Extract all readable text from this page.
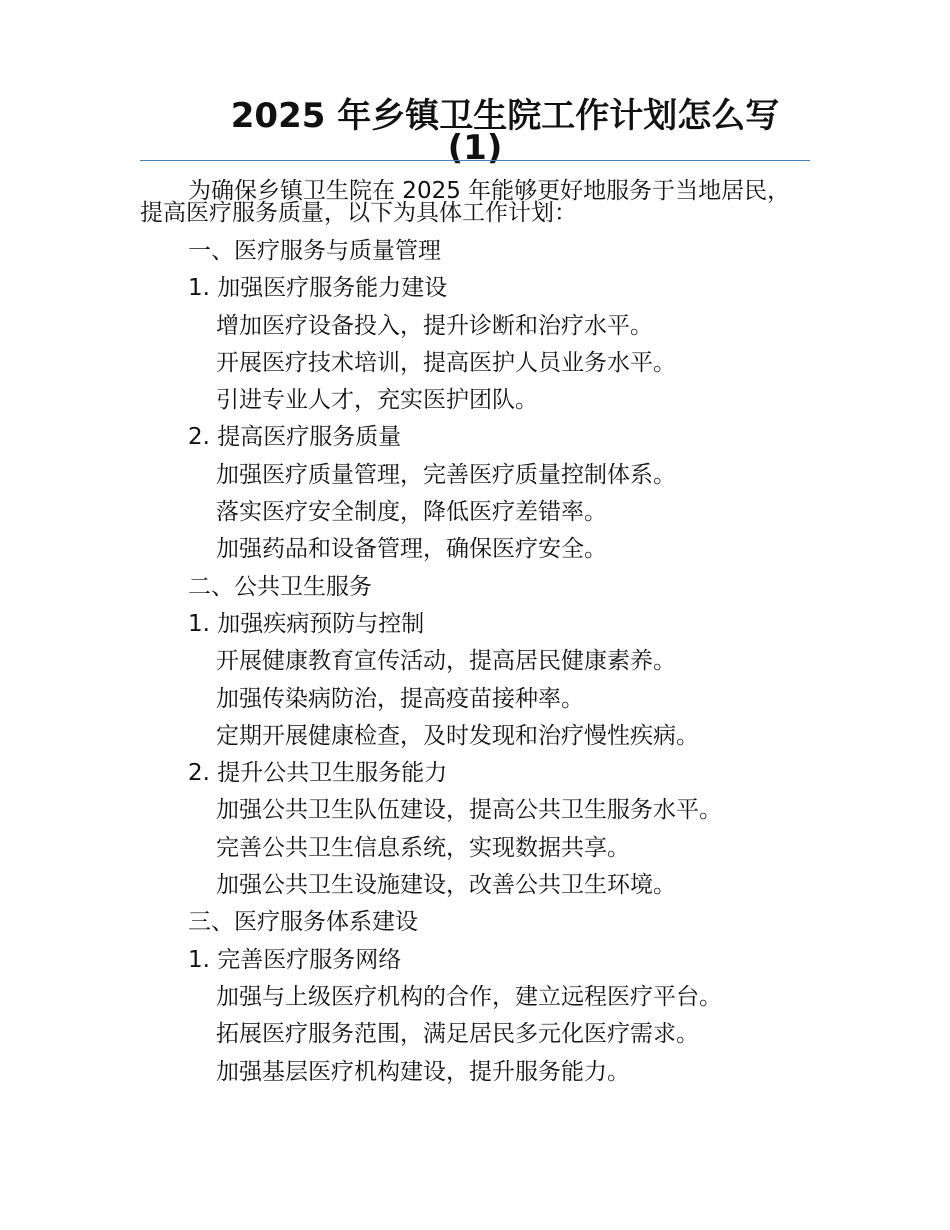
2025 年乡镇卫生院工作计划怎么写
(1)

为确保乡镇卫生院在 2025 年能够更好地服务于当地居民，提高医疗服务质量，以下为具体工作计划：

一、医疗服务与质量管理
1. 加强医疗服务能力建设
增加医疗设备投入，提升诊断和治疗水平。
开展医疗技术培训，提高医护人员业务水平。
引进专业人才，充实医护团队。
2. 提高医疗服务质量
加强医疗质量管理，完善医疗质量控制体系。
落实医疗安全制度，降低医疗差错率。
加强药品和设备管理，确保医疗安全。
二、公共卫生服务
1. 加强疾病预防与控制
开展健康教育宣传活动，提高居民健康素养。
加强传染病防治，提高疫苗接种率。
定期开展健康检查，及时发现和治疗慢性疾病。
2. 提升公共卫生服务能力
加强公共卫生队伍建设，提高公共卫生服务水平。
完善公共卫生信息系统，实现数据共享。
加强公共卫生设施建设，改善公共卫生环境。
三、医疗服务体系建设
1. 完善医疗服务网络
加强与上级医疗机构的合作，建立远程医疗平台。
拓展医疗服务范围，满足居民多元化医疗需求。
加强基层医疗机构建设，提升服务能力。
